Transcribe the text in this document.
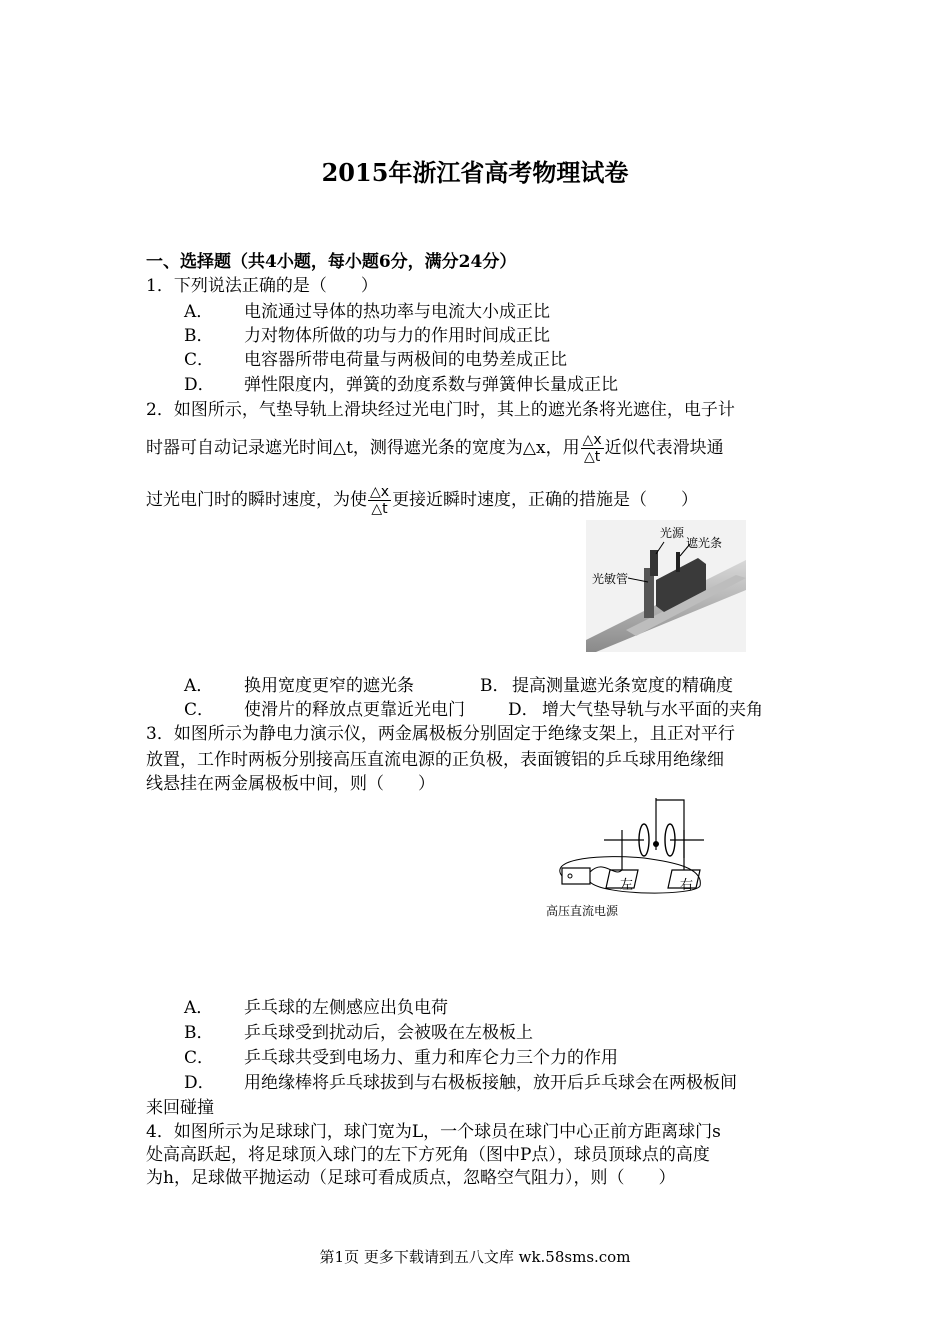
2015年浙江省高考物理试卷
一、选择题（共4小题，每小题6分，满分24分）
1．下列说法正确的是（　　）
A． 电流通过导体的热功率与电流大小成正比
B． 力对物体所做的功与力的作用时间成正比
C． 电容器所带电荷量与两极间的电势差成正比
D． 弹性限度内，弹簧的劲度系数与弹簧伸长量成正比
2．如图所示，气垫导轨上滑块经过光电门时，其上的遮光条将光遮住，电子计
时器可自动记录遮光时间△t，测得遮光条的宽度为△x，用 $\frac{\triangle x}{\triangle t}$ 近似代表滑块通
过光电门时的瞬时速度，为使 $\frac{\triangle x}{\triangle t}$ 更接近瞬时速度，正确的措施是（　　）
光源
遮光条
光敏管
A． 换用宽度更窄的遮光条	B． 提高测量遮光条宽度的精确度
C． 使滑片的释放点更靠近光电门	D． 增大气垫导轨与水平面的夹角
3．如图所示为静电力演示仪，两金属极板分别固定于绝缘支架上，且正对平行
放置，工作时两板分别接高压直流电源的正负极，表面镀铝的乒乓球用绝缘细
线悬挂在两金属极板中间，则（　　）
左	右
高压直流电源
A． 乒乓球的左侧感应出负电荷
B． 乒乓球受到扰动后，会被吸在左极板上
C． 乒乓球共受到电场力、重力和库仑力三个力的作用
D． 用绝缘棒将乒乓球拔到与右极板接触，放开后乒乓球会在两极板间
来回碰撞
4．如图所示为足球球门，球门宽为L，一个球员在球门中心正前方距离球门s
处高高跃起，将足球顶入球门的左下方死角（图中P点），球员顶球点的高度
为h，足球做平抛运动（足球可看成质点，忽略空气阻力），则（　　）
第1页 更多下载请到五八文库 wk.58sms.com
